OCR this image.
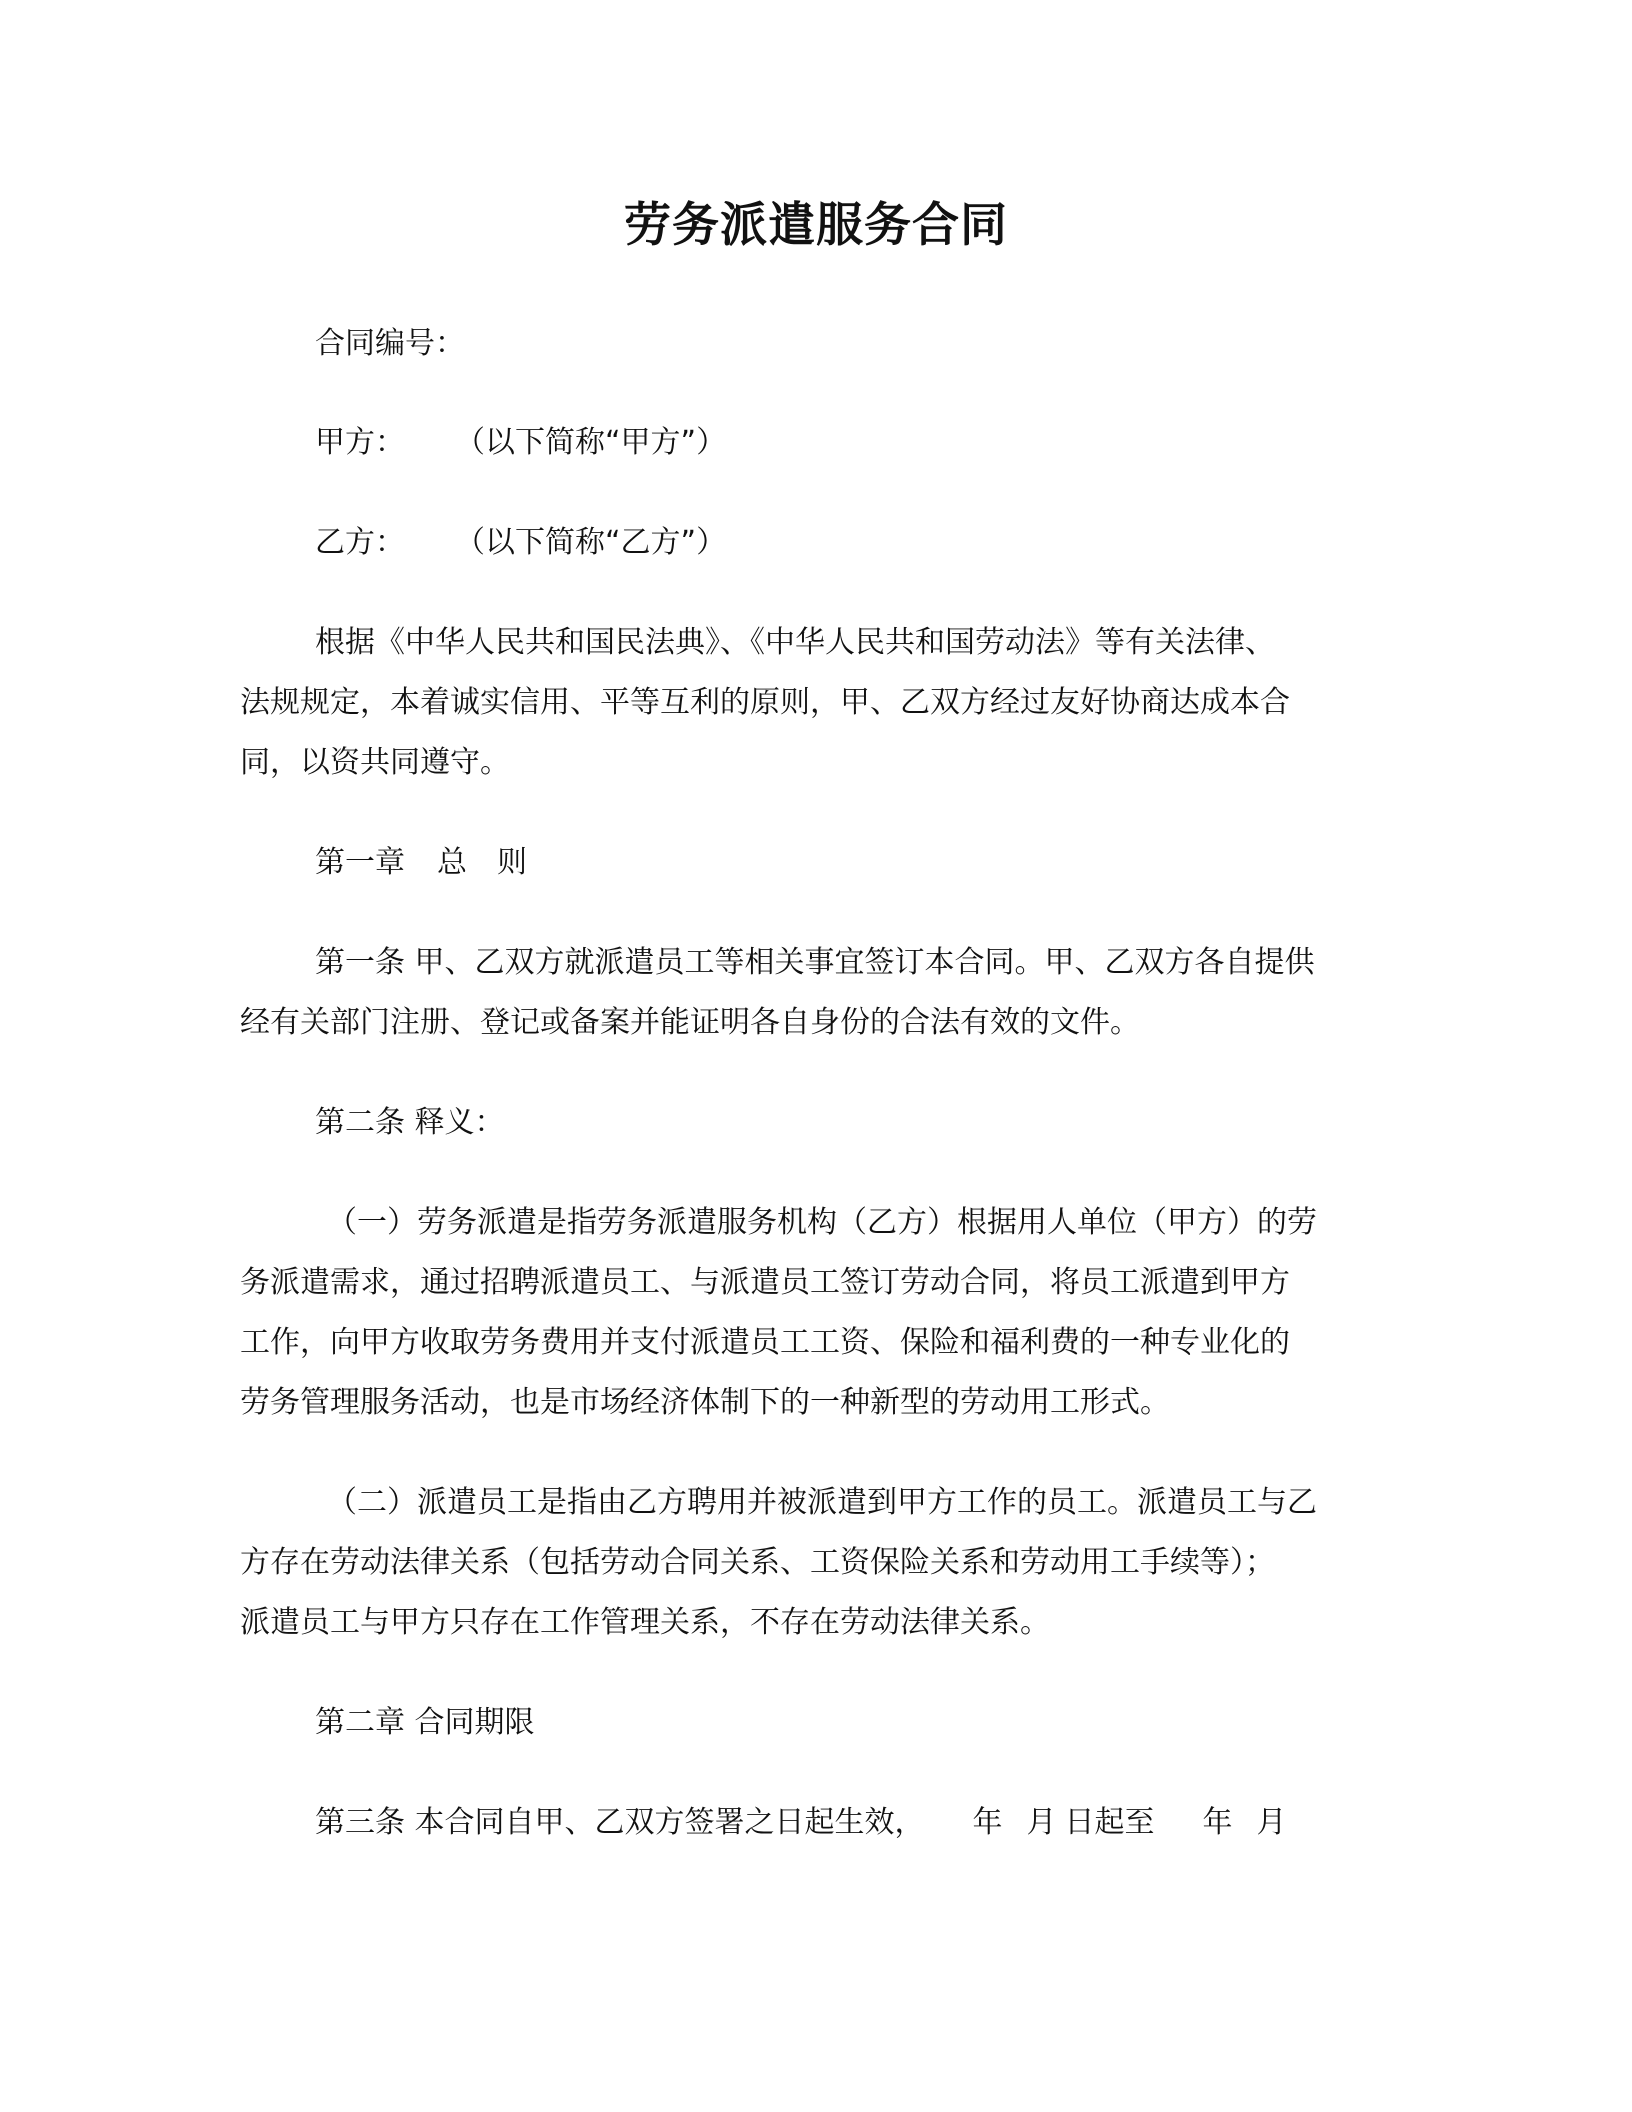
劳务派遣服务合同
合同编号：
甲方： （以下简称“甲方”）
乙方： （以下简称“乙方”）
根据《中华人民共和国民法典》、《中华人民共和国劳动法》等有关法律、
法规规定，本着诚实信用、平等互利的原则，甲、乙双方经过友好协商达成本合
同，以资共同遵守。
第一章 总 则
第一条 甲、乙双方就派遣员工等相关事宜签订本合同。甲、乙双方各自提供
经有关部门注册、登记或备案并能证明各自身份的合法有效的文件。
第二条 释义：
（一）劳务派遣是指劳务派遣服务机构（乙方）根据用人单位（甲方）的劳
务派遣需求，通过招聘派遣员工、与派遣员工签订劳动合同，将员工派遣到甲方
工作，向甲方收取劳务费用并支付派遣员工工资、保险和福利费的一种专业化的
劳务管理服务活动，也是市场经济体制下的一种新型的劳动用工形式。
（二）派遣员工是指由乙方聘用并被派遣到甲方工作的员工。派遣员工与乙
方存在劳动法律关系（包括劳动合同关系、工资保险关系和劳动用工手续等）；
派遣员工与甲方只存在工作管理关系，不存在劳动法律关系。
第二章 合同期限
第三条 本合同自甲、乙双方签署之日起生效， 年 月 日起至 年 月
